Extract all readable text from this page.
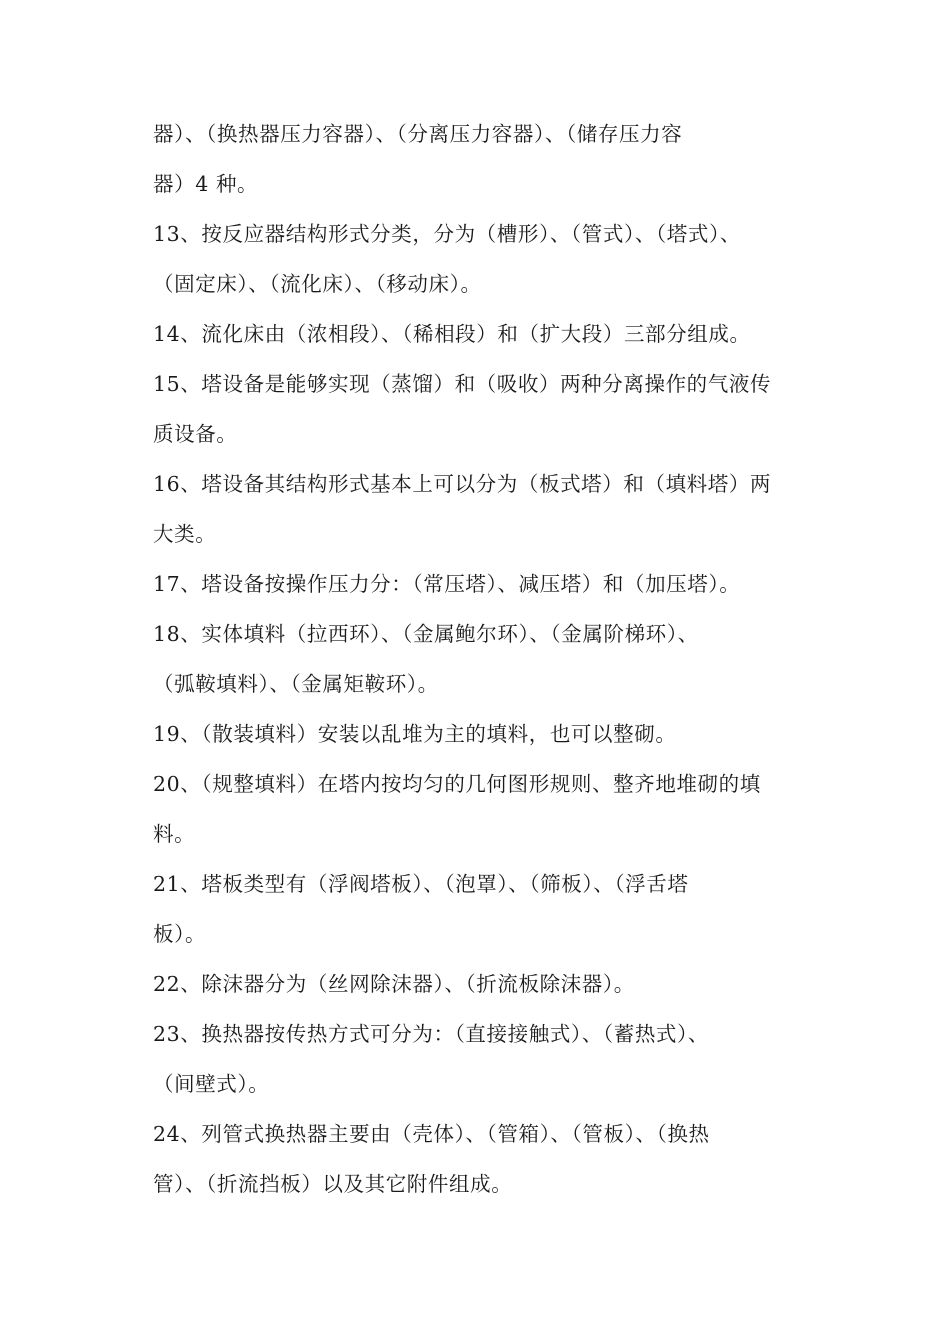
器）、（换热器压力容器）、（分离压力容器）、（储存压力容
器）4 种。
13、按反应器结构形式分类，分为（槽形）、（管式）、（塔式）、
（固定床）、（流化床）、（移动床）。
14、流化床由（浓相段）、（稀相段）和（扩大段）三部分组成。
15、塔设备是能够实现（蒸馏）和（吸收）两种分离操作的气液传
质设备。
16、塔设备其结构形式基本上可以分为（板式塔）和（填料塔）两
大类。
17、塔设备按操作压力分：（常压塔）、减压塔）和（加压塔）。
18、实体填料（拉西环）、（金属鲍尔环）、（金属阶梯环）、
（弧鞍填料）、（金属矩鞍环）。
19、（散装填料）安装以乱堆为主的填料，也可以整砌。
20、（规整填料）在塔内按均匀的几何图形规则、整齐地堆砌的填
料。
21、塔板类型有（浮阀塔板）、（泡罩）、（筛板）、（浮舌塔
板）。
22、除沫器分为（丝网除沫器）、（折流板除沫器）。
23、换热器按传热方式可分为：（直接接触式）、（蓄热式）、
（间壁式）。
24、列管式换热器主要由（壳体）、（管箱）、（管板）、（换热
管）、（折流挡板）以及其它附件组成。
